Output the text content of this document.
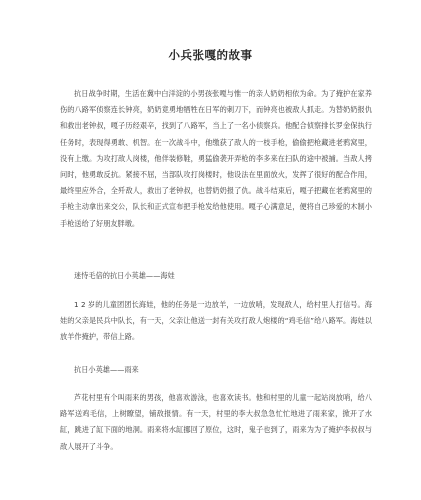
小兵张嘎的故事
抗日战争时期，生活在冀中白洋淀的小男孩张嘎与惟一的亲人奶奶相依为命。为了掩护在家养伤的八路军侦察连长钟亮，奶奶竟勇地牺牲在日军的刺刀下，而钟亮也被敌人抓走。为替奶奶报仇和救出老钟叔，嘎子历经艰辛，找到了八路军，当上了一名小侦察兵。他配合侦察排长罗金保执行任务时，表现得勇敢、机智。在一次战斗中，他缴获了敌人的一枝手枪，偷偷把枪藏进老鸦窝里，没有上缴。为攻打敌人岗楼，他佯装修鞋，勇猛偷袭开弄枪的李多来在扫队的途中被捕。当敌人拷问时，他勇敢反抗。紧接不屈，当部队攻打岗楼时，他设法在里面放火，发挥了很好的配合作用，最终里应外合，全歼敌人，救出了老钟叔，也替奶奶报了仇。战斗结束后，嘎子把藏在老鸦窝里的手枪主动拿出来交公，队长和正式宣布把手枪发给他使用。嘎子心满意足，便将自己珍爱的木制小手枪送给了好朋友胖墩。
迷恃毛倍的抗日小英雄——海娃
1 2 岁的儿童团团长海娃，他的任务是一边放羊，一边放哨，发现敌人，给村里人打信号。海娃的父亲是民兵中队长，有一天，父亲让他送一封有关攻打敌人炮楼的“鸡毛信”给八路军。海娃以放羊作掩护，带信上路。
抗日小英雄——雨来
芦花村里有个叫雨来的男孩，他喜欢游泳，也喜欢读书。他和村里的儿童一起站岗放哨，给八路军送鸡毛信，上树瞭望，铺敌报情。有一天，村里的李大叔急急忙忙地进了雨来家，掀开了水缸，跳进了缸下面的地洞。雨来将水缸挪回了原位，这时，鬼子也到了，雨来为为了掩护李叔叔与敌人展开了斗争。
